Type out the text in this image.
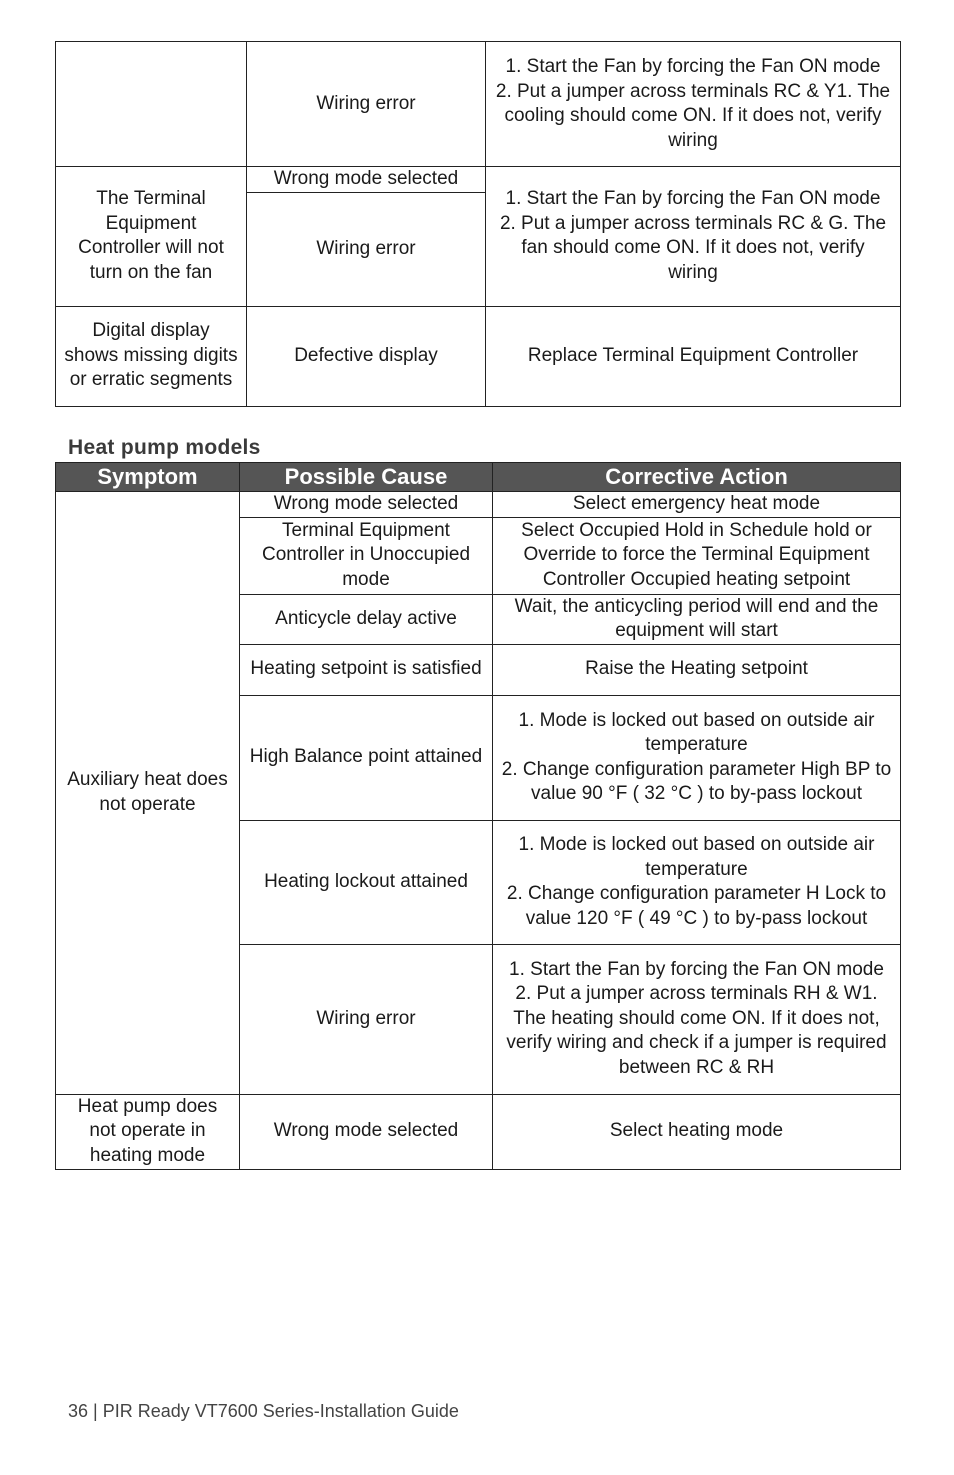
	Wiring error	1. Start the Fan by forcing the Fan ON mode
2. Put a jumper across terminals RC & Y1. The cooling should come ON. If it does not, verify wiring

The Terminal Equipment Controller will not turn on the fan	Wrong mode selected	1. Start the Fan by forcing the Fan ON mode
2. Put a jumper across terminals RC & G. The fan should come ON. If it does not, verify wiring

	Wiring error	
Digital display shows missing digits or erratic segments	Defective display	Replace Terminal Equipment Controller
Heat pump models
Symptom	Possible Cause	Corrective Action
Auxiliary heat does not operate	Wrong mode selected	Select emergency heat mode
	Terminal Equipment Controller in Unoccupied mode	Select Occupied Hold in Schedule hold or Override to force the Terminal Equipment Controller Occupied heating setpoint
	Anticycle delay active	Wait, the anticycling period will end and the equipment will start
	Heating setpoint is satisfied	Raise the Heating setpoint
	High Balance point attained	1. Mode is locked out based on outside air temperature
2. Change configuration parameter High BP to value 90 °F ( 32 °C ) to by-pass lockout

	Heating lockout attained	1. Mode is locked out based on outside air temperature
2. Change configuration parameter H Lock to value 120 °F ( 49 °C ) to by-pass lockout

	Wiring error	1. Start the Fan by forcing the Fan ON mode
2. Put a jumper across terminals RH & W1. The heating should come ON. If it does not, verify wiring and check if a jumper is required between RC & RH

Heat pump does not operate in heating mode	Wrong mode selected	Select heating mode
36 | PIR Ready VT7600 Series-Installation Guide
